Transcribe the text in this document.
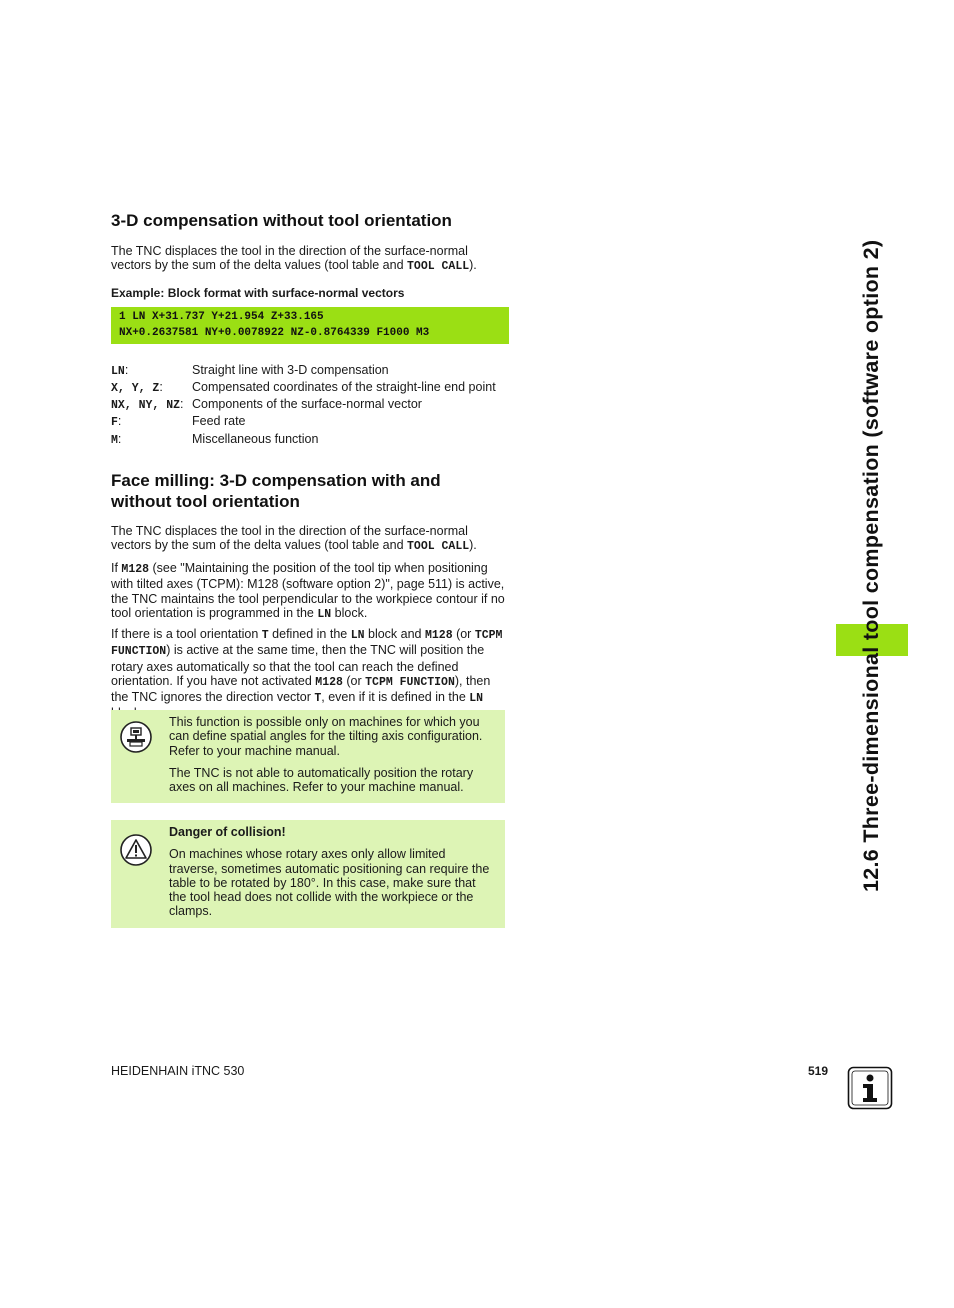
3-D compensation without tool orientation

The TNC displaces the tool in the direction of the surface-normal vectors by the sum of the delta values (tool table and TOOL CALL).

Example: Block format with surface-normal vectors

1 LN X+31.737 Y+21.954 Z+33.165
NX+0.2637581 NY+0.0078922 NZ-0.8764339 F1000 M3
LN:	Straight line with 3-D compensation
X, Y, Z: Compensated coordinates of the straight-line end point
NX, NY, NZ: Components of the surface-normal vector
F:	Feed rate
M:	Miscellaneous function
Face milling: 3-D compensation with and
without tool orientation

The TNC displaces the tool in the direction of the surface-normal vectors by the sum of the delta values (tool table and TOOL CALL).

If M128 (see "Maintaining the position of the tool tip when positioning with tilted axes (TCPM): M128 (software option 2)", page 511) is active, the TNC maintains the tool perpendicular to the workpiece contour if no tool orientation is programmed in the LN block.

If there is a tool orientation T defined in the LN block and M128 (or TCPM FUNCTION) is active at the same time, then the TNC will position the rotary axes automatically so that the tool can reach the defined orientation. If you have not activated M128 (or TCPM FUNCTION), then the TNC ignores the direction vector T, even if it is defined in the LN

This function is possible only on machines for which you can define spatial angles for the tilting axis configuration. Refer to your machine manual.

The TNC is not able to automatically position the rotary axes on all machines. Refer to your machine manual.

Danger of collision!

On machines whose rotary axes only allow limited traverse, sometimes automatic positioning can require the table to be rotated by 180°. In this case, make sure that the tool head does not collide with the workpiece or the clamps.

12.6 Three-dimensional tool compensation (software option 2)
HEIDENHAIN iTNC 530	519
